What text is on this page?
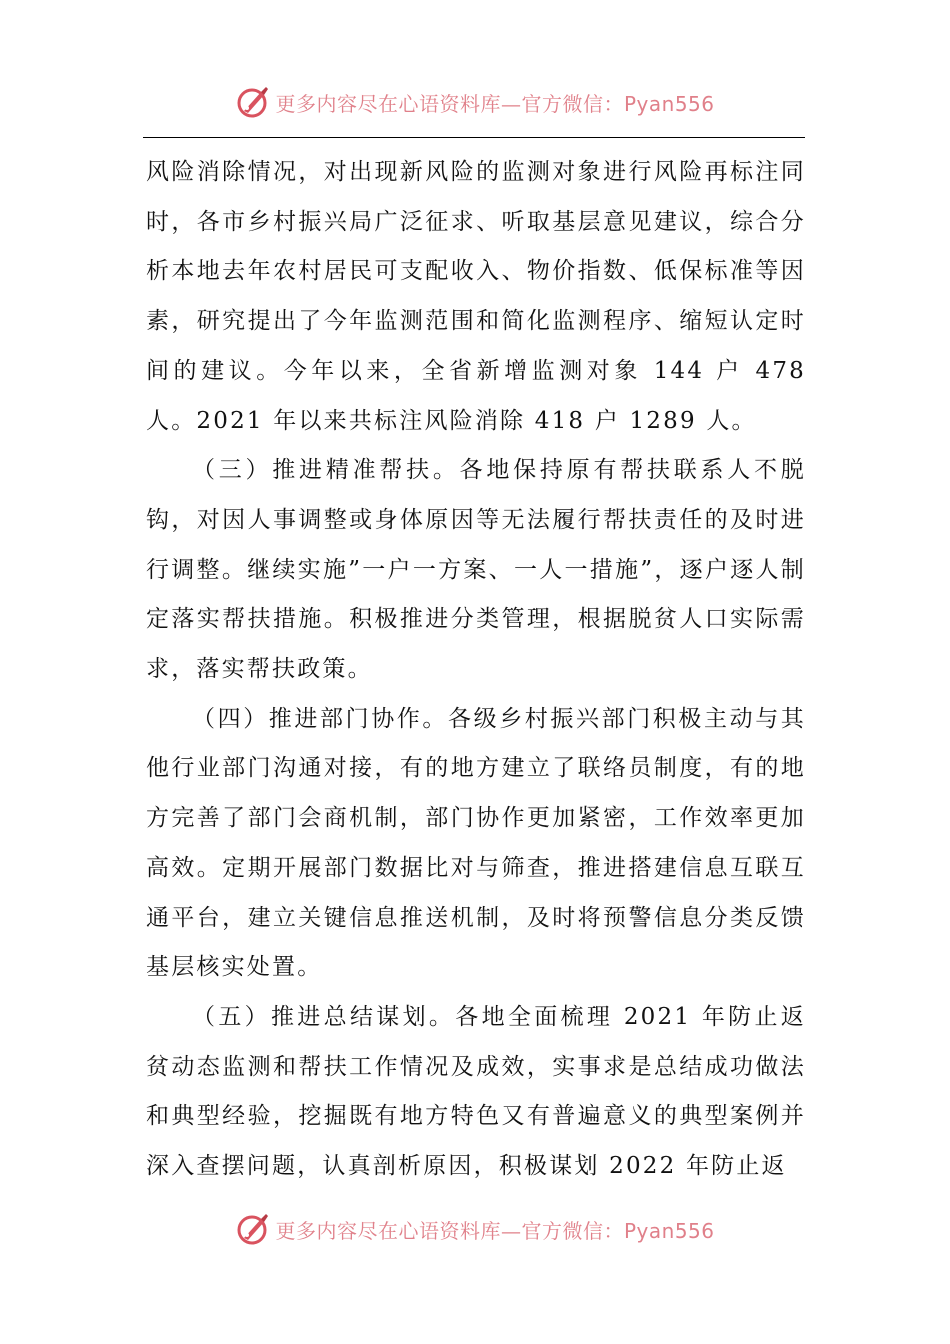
更多内容尽在心语资料库—官方微信：Pyan556

风险消除情况，对出现新风险的监测对象进行风险再标注同时，各市乡村振兴局广泛征求、听取基层意见建议，综合分析本地去年农村居民可支配收入、物价指数、低保标准等因素，研究提出了今年监测范围和简化监测程序、缩短认定时间的建议。今年以来，全省新增监测对象 144 户 478 人。2021 年以来共标注风险消除 418 户 1289 人。

（三）推进精准帮扶。各地保持原有帮扶联系人不脱钩，对因人事调整或身体原因等无法履行帮扶责任的及时进行调整。继续实施”一户一方案、一人一措施”，逐户逐人制定落实帮扶措施。积极推进分类管理，根据脱贫人口实际需求，落实帮扶政策。

（四）推进部门协作。各级乡村振兴部门积极主动与其他行业部门沟通对接，有的地方建立了联络员制度，有的地方完善了部门会商机制，部门协作更加紧密，工作效率更加高效。定期开展部门数据比对与筛查，推进搭建信息互联互通平台，建立关键信息推送机制，及时将预警信息分类反馈基层核实处置。

（五）推进总结谋划。各地全面梳理 2021 年防止返贫动态监测和帮扶工作情况及成效，实事求是总结成功做法和典型经验，挖掘既有地方特色又有普遍意义的典型案例并深入查摆问题，认真剖析原因，积极谋划 2022 年防止返

更多内容尽在心语资料库—官方微信：Pyan556
